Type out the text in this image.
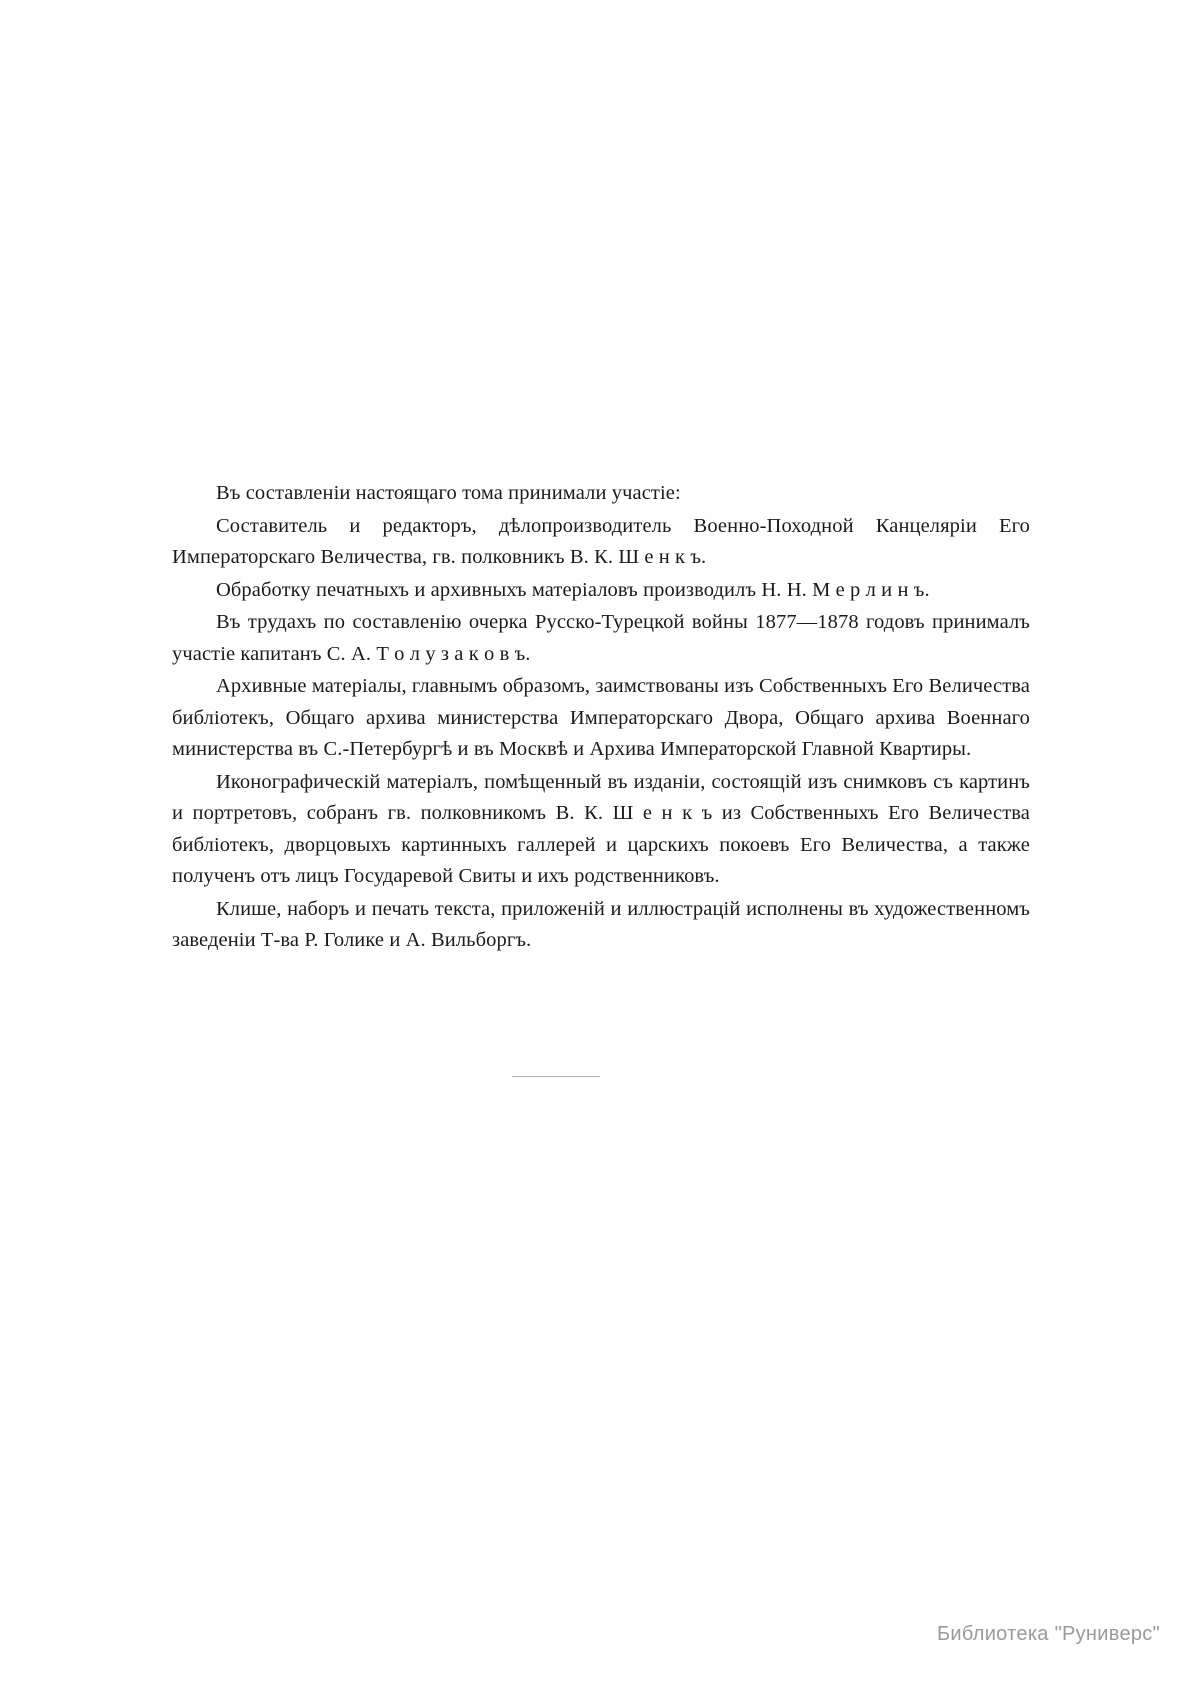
Въ составленіи настоящаго тома принимали участіе:

Составитель и редакторъ, дѣлопроизводитель Военно-Походной Канцеляріи Его Императорскаго Величества, гв. полковникъ В. К. Ш е н к ъ.

Обработку печатныхъ и архивныхъ матеріаловъ производилъ Н. Н. М е р л и н ъ.

Въ трудахъ по составленію очерка Русско-Турецкой войны 1877—1878 годовъ принималъ участіе капитанъ С. А. Т о л у з а к о в ъ.

Архивные матеріалы, главнымъ образомъ, заимствованы изъ Собственныхъ Его Величества библіотекъ, Общаго архива министерства Императорскаго Двора, Общаго архива Военнаго министерства въ С.-Петербургѣ и въ Москвѣ и Архива Императорской Главной Квартиры.

Иконографическій матеріалъ, помѣщенный въ изданіи, состоящій изъ снимковъ съ картинъ и портретовъ, собранъ гв. полковникомъ В. К. Ш е н к ъ из Собственныхъ Его Величества библіотекъ, дворцовыхъ картинныхъ галлерей и царскихъ покоевъ Его Величества, а также полученъ отъ лицъ Государевой Свиты и ихъ родственниковъ.

Клише, наборъ и печать текста, приложеній и иллюстрацій исполнены въ художественномъ заведеніи Т-ва Р. Голике и А. Вильборгъ.

Библиотека "Руниверс"
